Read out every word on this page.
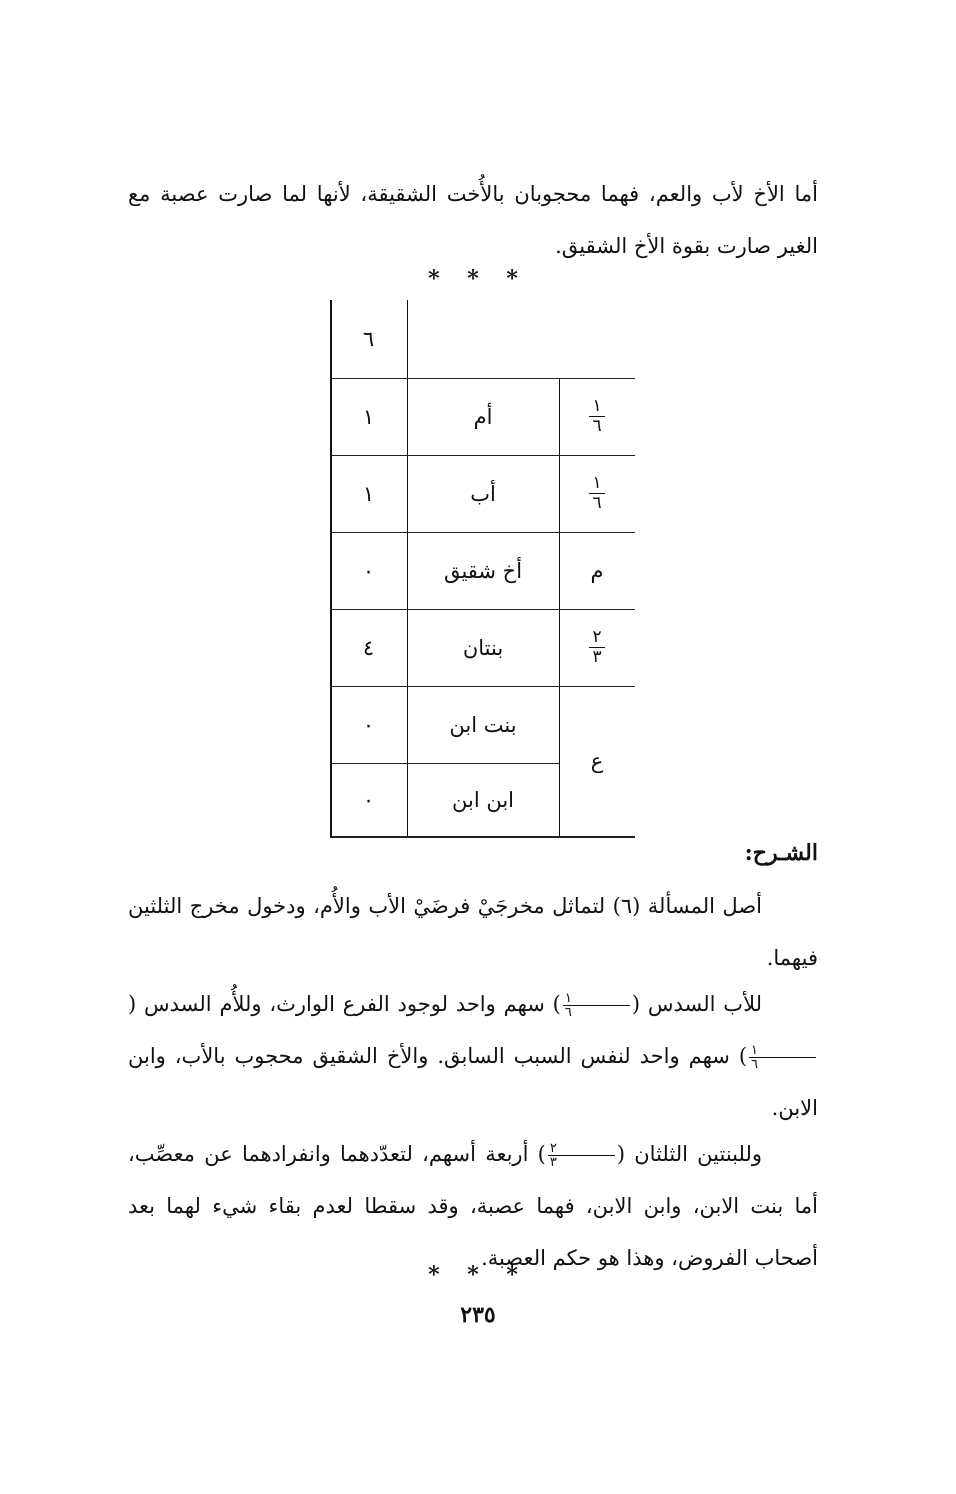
أما الأخ لأب والعم، فهما محجوبان بالأُخت الشقيقة، لأنها لما صارت عصبة مع الغير صارت بقوة الأخ الشقيق.
* * *
٦
$\frac{١}{٦}$
أم
١
$\frac{١}{٦}$
أب
١
م
أخ شقيق
٠
$\frac{٢}{٣}$
بنتان
٤
بنت ابن
٠
ابن ابن
٠
ع
الشـرح:
أصل المسألة (٦) لتماثل مخرجَيْ فرضَيْ الأب والأُم، ودخول مخرج الثلثين فيهما.
للأب السدس (
$\frac{١}{٦}$
) سهم واحد لوجود الفرع الوارث، وللأُم السدس (
$\frac{١}{٦}$
) سهم واحد لنفس السبب السابق. والأخ الشقيق محجوب بالأب، وابن الابن.
وللبنتين الثلثان (
$\frac{٢}{٣}$
) أربعة أسهم، لتعدّدهما وانفرادهما عن معصِّب، أما بنت الابن، وابن الابن، فهما عصبة، وقد سقطا لعدم بقاء شيء لهما بعد أصحاب الفروض، وهذا هو حكم العصبة.
* * *
٢٣٥
